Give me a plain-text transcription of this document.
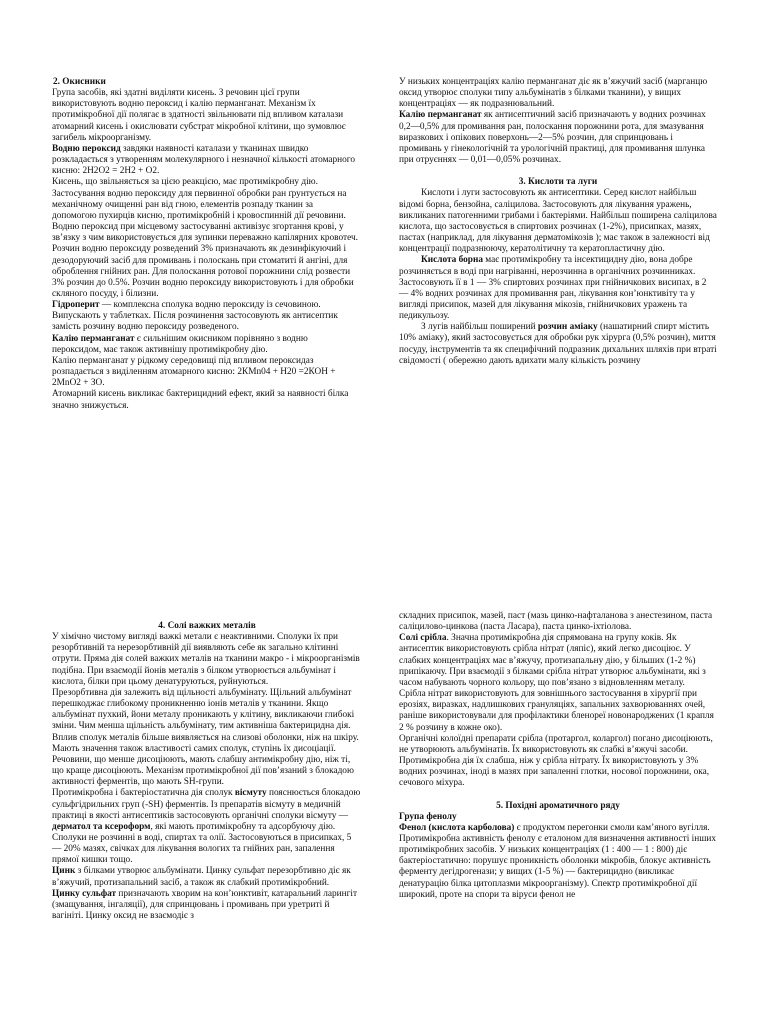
2. Окисники

Група засобів, які здатні виділяти кисень. З речовин цієї групи використовують водню пероксид і калію перманганат. Механізм їх протимікробної дії полягає в здатності звільнювати під впливом каталази атомарний кисень і окислювати субстрат мікробної клітини, що зумовлює загибель мікроорганізму.

Водню пероксид завдяки наявності каталази у тканинах швидко розкладається з утворенням молекулярного і незначної кількості атомарного кисню: 2Н2О2 = 2Н2 + О2.

Кисень, що звільняється за цією реакцією, має протимікробну дію. Застосування водню пероксиду для первинної обробки ран ґрунтується на механічному очищенні ран від гною, елементів розпаду тканин за допомогою пухирців кисню, протимікробній і кровоспинній дії речовини. Водню пероксид при місцевому застосуванні активізує згортання крові, у зв’язку з чим використовується для зупинки переважно капілярних кровотеч.

Розчин водню пероксиду розведений 3% призначають як дезинфікуючий і дезодоруючий засіб для промивань і полоскань при стоматиті й ангіні, для оброблення гнійних ран. Для полоскання ротової порожнини слід розвести 3% розчин до 0.5%. Розчин водню пероксиду використовують і для обробки скляного посуду, і білизни.

Гідроперит — комплексна сполука водню пероксиду із сечовиною. Випускають у таблетках. Після розчинення застосовують як антисептик замість розчину водню пероксиду розведеного.

Калію перманганат є сильнішим окисником порівняно з водню пероксидом, має також активнішу протимікробну дію.

Калію перманганат у рідкому середовищі під впливом пероксидаз розпадається з виділенням атомарного кисню: 2КMn04 + Н20 =2КОН + 2MnO2 + ЗО.

Атомарний кисень викликає бактерицидний ефект, який за наявності білка значно знижується.

У низьких концентраціях калію перманганат діє як в’яжучий засіб (марганцю оксид утворює сполуки типу альбумінатів з білками тканини), у вищих концентраціях — як подразнювальний.

Калію перманганат як антисептичний засіб призначають у водних розчинах 0,2—0,5% для промивання ран, полоскання порожнини рота, для змазування виразкових і опікових поверхонь—2—5% розчин, для спринцювань і промивань у гінекологічній та урологічній практиці, для промивання шлунка при отруєннях — 0,01—0,05% розчинах.

3. Кислоти та луги

Кислоти і луги застосовують як антисептики. Серед кислот найбільш відомі борна, бензойна, саліцилова. Застосовують для лікування уражень, викликаних патогенними грибами і бактеріями. Найбільш поширена саліцилова кислота, що застосовується в спиртових розчинах (1-2%), присипках, мазях, пастах (наприклад, для лікування дерматомікозів ); має також в залежності від концентрації подразнюючу, кератолітичну та кератопластичну дію.

Кислота борна має протимікробну та інсектицидну дію, вона добре розчиняється в воді при нагріванні, нерозчинна в органічних розчинниках. Застосовують її в 1 — 3% спиртових розчинах при гнійничкових висипах, в 2 — 4% водних розчинах для промивання ран, лікування кон’юнктивіту та у вигляді присипок, мазей для лікування мікозів, гнійничкових уражень та педикульозу.

З лугів найбільш поширений розчин аміаку (нашатирний спирт містить 10% аміаку), який застосовується для обробки рук хірурга (0,5% розчин), миття посуду, інструментів та як специфічний подразник дихальних шляхів при втраті свідомості ( обережно дають вдихати малу кількість розчину

4. Солі важких металів

У хімічно чистому вигляді важкі метали є неактивними. Сполуки їх при резорбтивній та нерезорбтивній дії виявляють себе як загально клітинні отрути. Пряма дія солей важких металів на тканини макро - і мікроорганізмів подібна. При взаємодії йонів металів з білком утворюється альбумінат і кислота, білки при цьому денатуруються, руйнуються.

Презорбтивна дія залежить від щільності альбумінату. Щільний альбумінат перешкоджає глибокому проникненню іонів металів у тканини. Якщо альбумінат пухкий, йони металу проникають у клітину, викликаючи глибокі зміни. Чим менша щільність альбумінату, тим активніша бактерицидна дія.

Вплив сполук металів більше виявляється на слизові оболонки, ніж на шкіру. Мають значення також властивості самих сполук, ступінь їх дисоціації. Речовини, що менше дисоціюють, мають слабшу антимікробну дію, ніж ті, що краще дисоціюють. Механізм протимікробної дії пов’язаний з блокадою активності ферментів, що мають SH-групи.

Протимікробна і бактеріостатична дія сполук вісмуту пояснюється блокадою сульфгідрильних груп (-SH) ферментів. Із препаратів вісмуту в медичній практиці в якості антисептиків застосовують органічні сполуки вісмуту — дерматол та ксероформ, які мають протимікробну та адсорбуючу дію. Сполуки не розчинні в воді, спиртах та олії. Застосовуються в присипках, 5 — 20% мазях, свічках для лікування вологих та гнійних ран, запалення прямої кишки тощо.

Цинк з білками утворює альбумінати. Цинку сульфат перезорбтивно діє як в’яжучий, протизапальний засіб, а також як слабкий протимікробний.

Цинку сульфат призначають хворим на кон’юнктивіт, катаральний ларингіт (змащування, інгаляції), для спринцювань і промивань при уретриті й вагініті. Цинку оксид не взаємодіє з

складних присипок, мазей, паст (мазь цинко-нафталанова з анестезином, паста саліцилово-цинкова (паста Ласара), паста цинко-іхтіолова.

Солі срібла. Значна протимікробна дія спрямована на групу коків. Як антисептик використовують срібла нітрат (ляпіс), який легко дисоціює. У слабких концентраціях має в’яжучу, протизапальну дію, у більших (1-2 %) припікаючу. При взаємодії з білками срібла нітрат утворює альбумінати, які з часом набувають чорного кольору, що пов’язано з відновленням металу.

Срібла нітрат використовують для зовнішнього застосування в хірургії при ерозіях, виразках, надлишкових грануляціях, запальних захворюваннях очей, раніше використовували для профілактики бленореї новонароджених (1 крапля 2 % розчину в кожне око).

Органічні колоїдні препарати срібла (протаргол, коларгол) погано дисоціюють, не утворюють альбумінатів. Їх використовують як слабкі в’яжучі засоби. Протимікробна дія їх слабша, ніж у срібла нітрату. Їх використовують у 3% водних розчинах, іноді в мазях при запаленні глотки, носової порожнини, ока, сечового міхура.

5. Похідні ароматичного ряду

Група фенолу

Фенол (кислота карболова) є продуктом перегонки смоли кам’яного вугілля.

Протимікробна активність фенолу є еталоном для визначення активності інших протимікробних засобів. У низьких концентраціях (1 : 400 — 1 : 800) діє бактеріостатично: порушує проникність оболонки мікробів, блокує активність ферменту дегідрогенази; у вищих (1-5 %) — бактерицидно (викликає денатурацію білка цитоплазми мікроорганізму). Спектр протимікробної дії широкий, проте на спори та віруси фенол не
